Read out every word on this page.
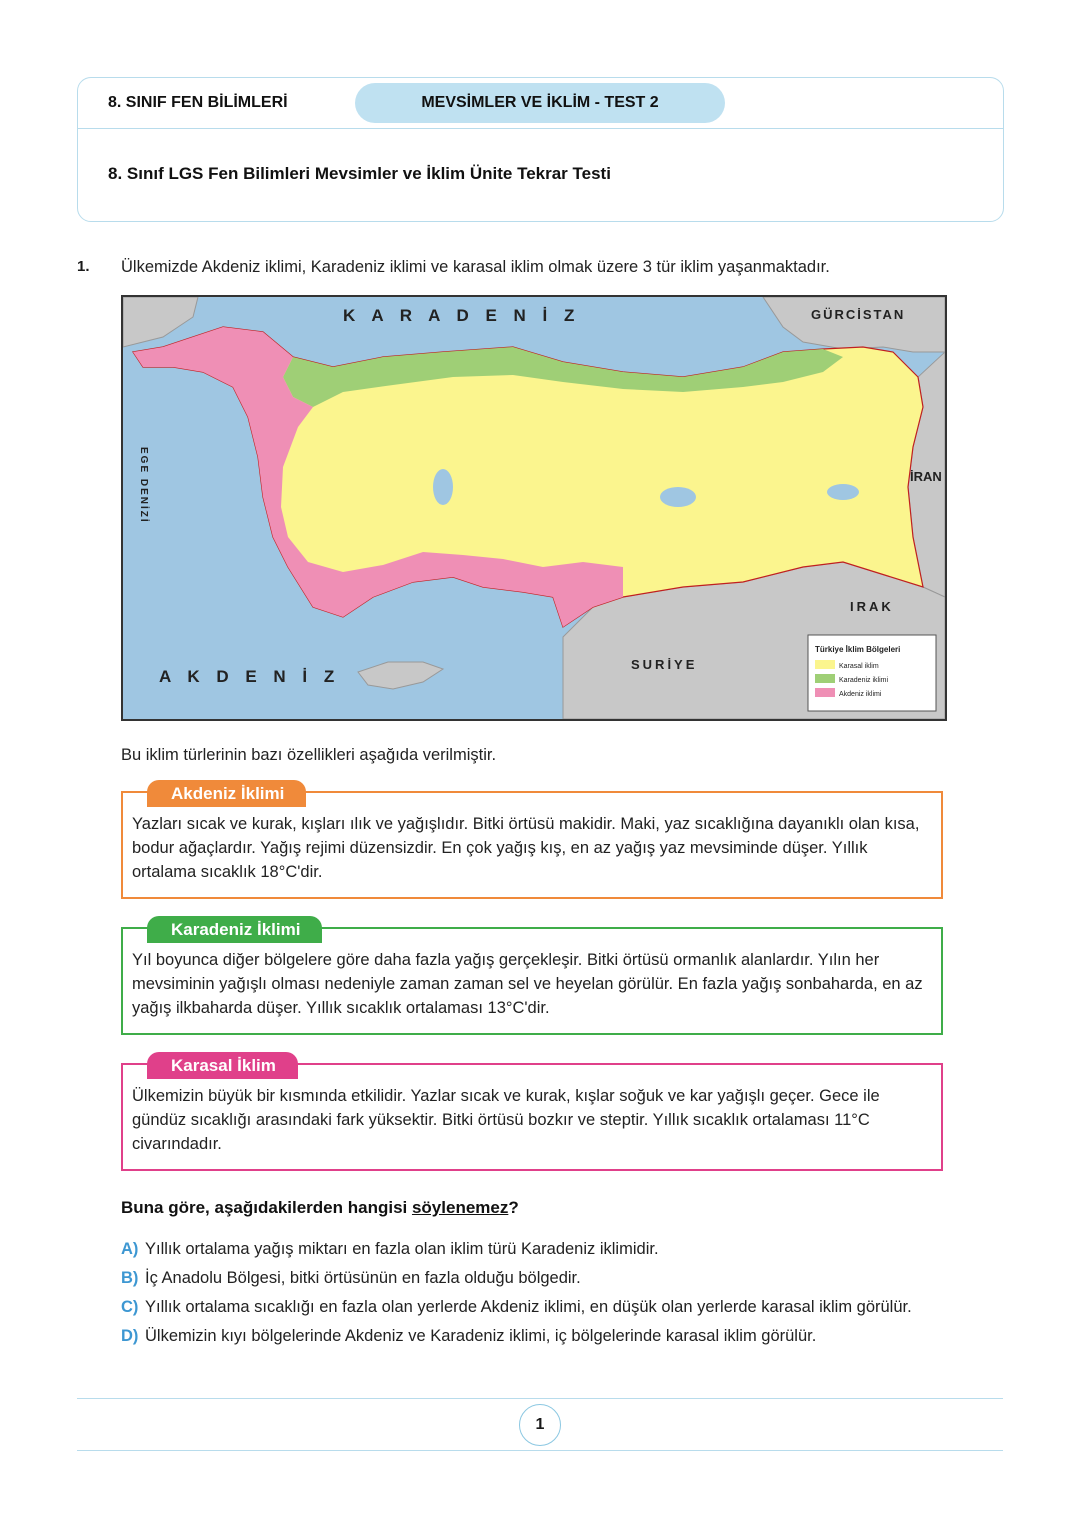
8. SINIF FEN BİLİMLERİ	MEVSİMLER VE İKLİM - TEST 2
8. Sınıf LGS Fen Bilimleri Mevsimler ve İklim Ünite Tekrar Testi
1. Ülkemizde Akdeniz iklimi, Karadeniz iklimi ve karasal iklim olmak üzere 3 tür iklim yaşanmaktadır.
K A R A D E N İ Z
A K D E N İ Z
EGE DENİZİ
GÜRCİSTAN
İRAN
IRAK
SURİYE
Türkiye İklim Bölgeleri
Karasal iklim
Karadeniz iklimi
Akdeniz iklimi
Bu iklim türlerinin bazı özellikleri aşağıda verilmiştir.
Akdeniz İklimi
Yazları sıcak ve kurak, kışları ılık ve yağışlıdır. Bitki örtüsü makidir. Maki, yaz sıcaklığına dayanıklı olan kısa, bodur ağaçlardır. Yağış rejimi düzensizdir. En çok yağış kış, en az yağış yaz mevsiminde düşer. Yıllık ortalama sıcaklık 18°C'dir.
Karadeniz İklimi
Yıl boyunca diğer bölgelere göre daha fazla yağış gerçekleşir. Bitki örtüsü ormanlık alanlardır. Yılın her mevsiminin yağışlı olması nedeniyle zaman zaman sel ve heyelan görülür. En fazla yağış sonbaharda, en az yağış ilkbaharda düşer. Yıllık sıcaklık ortalaması 13°C'dir.
Karasal İklim
Ülkemizin büyük bir kısmında etkilidir. Yazlar sıcak ve kurak, kışlar soğuk ve kar yağışlı geçer. Gece ile gündüz sıcaklığı arasındaki fark yüksektir. Bitki örtüsü bozkır ve steptir. Yıllık sıcaklık ortalaması 11°C civarındadır.
Buna göre, aşağıdakilerden hangisi söylenemez?
A) Yıllık ortalama yağış miktarı en fazla olan iklim türü Karadeniz iklimidir.
B) İç Anadolu Bölgesi, bitki örtüsünün en fazla olduğu bölgedir.
C) Yıllık ortalama sıcaklığı en fazla olan yerlerde Akdeniz iklimi, en düşük olan yerlerde karasal iklim görülür.
D) Ülkemizin kıyı bölgelerinde Akdeniz ve Karadeniz iklimi, iç bölgelerinde karasal iklim görülür.
1
